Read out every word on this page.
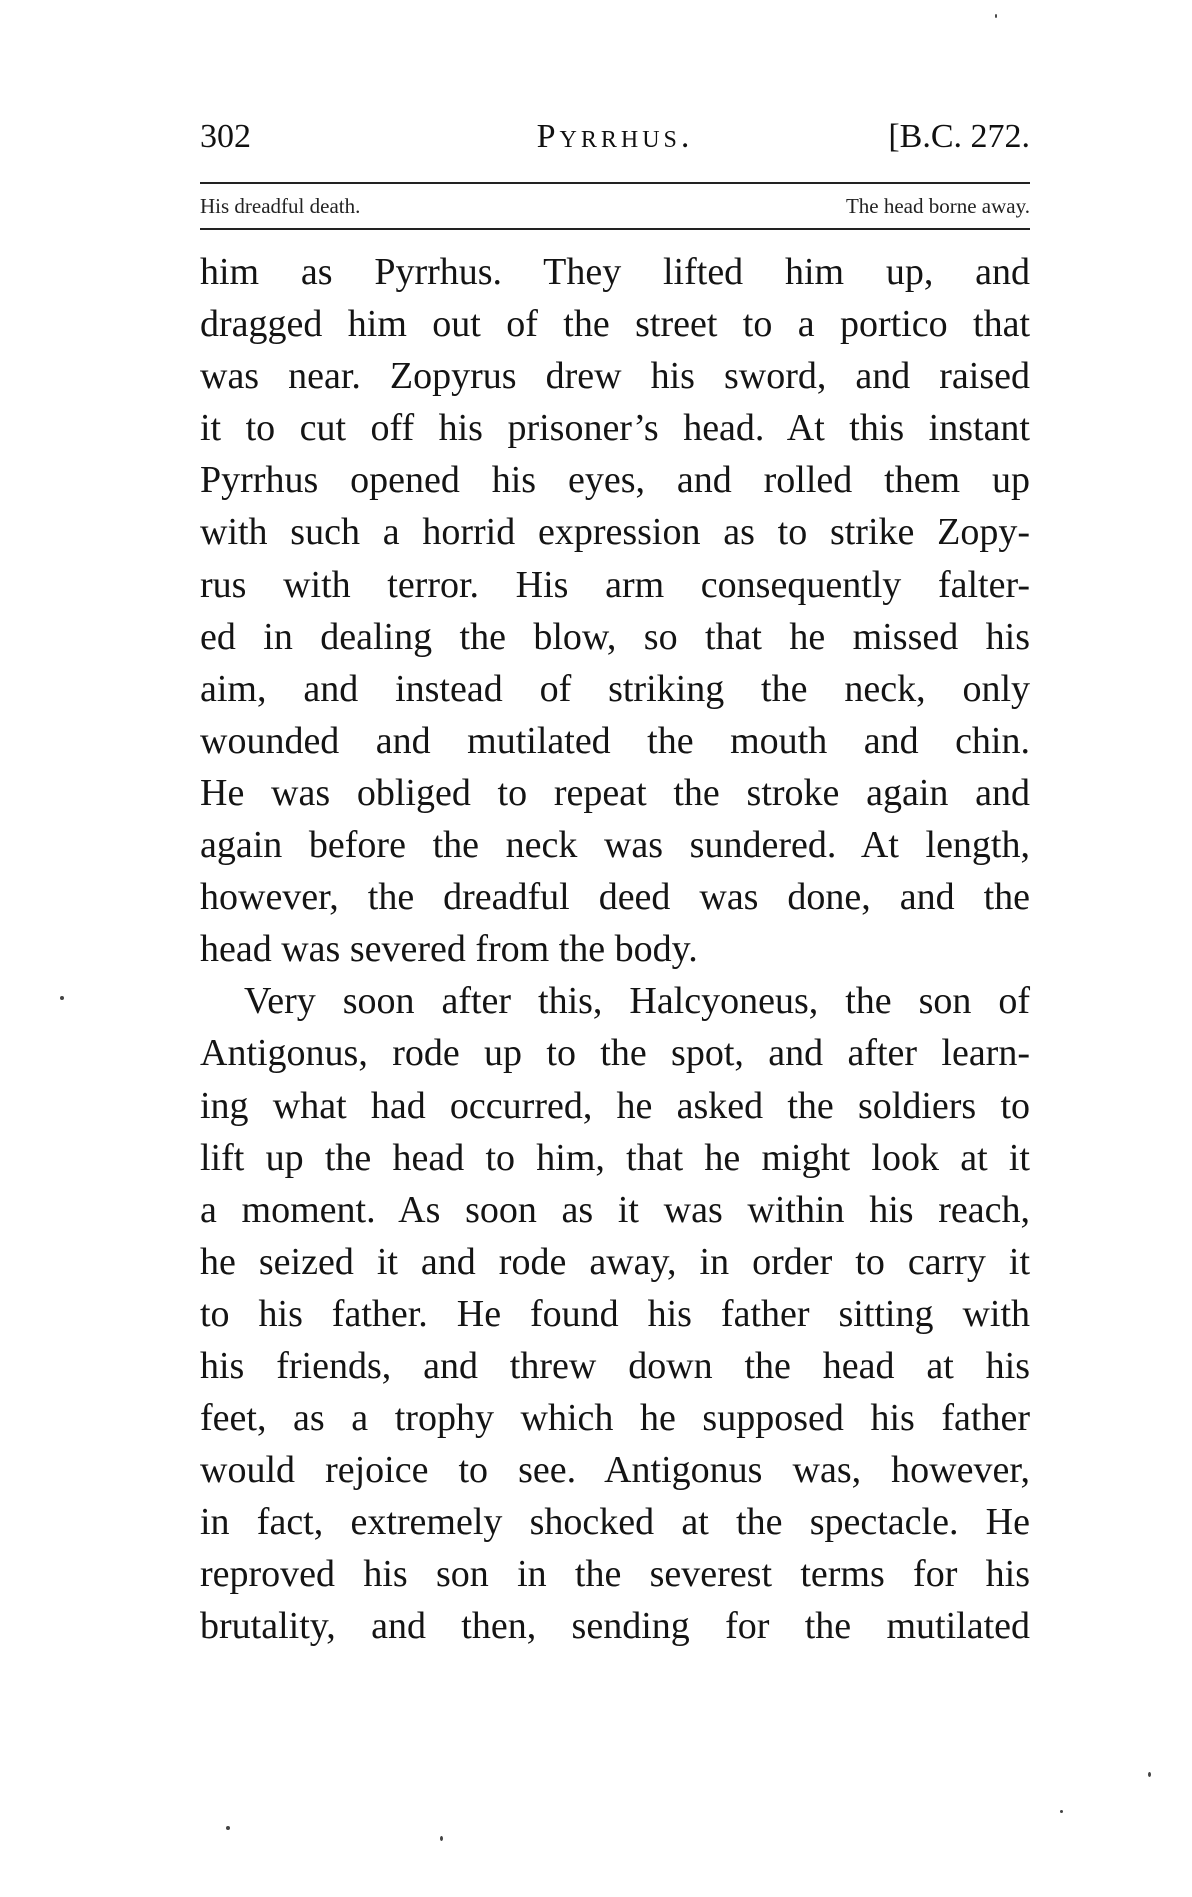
302	Pyrrhus.	[B.C. 272.
His dreadful death.	The head borne away.
him as Pyrrhus. They lifted him up, and
dragged him out of the street to a portico that
was near. Zopyrus drew his sword, and raised
it to cut off his prisoner’s head. At this instant
Pyrrhus opened his eyes, and rolled them up
with such a horrid expression as to strike Zopy-
rus with terror. His arm consequently falter-
ed in dealing the blow, so that he missed his
aim, and instead of striking the neck, only
wounded and mutilated the mouth and chin.
He was obliged to repeat the stroke again and
again before the neck was sundered. At length,
however, the dreadful deed was done, and the
head was severed from the body.
Very soon after this, Halcyoneus, the son of
Antigonus, rode up to the spot, and after learn-
ing what had occurred, he asked the soldiers to
lift up the head to him, that he might look at it
a moment. As soon as it was within his reach,
he seized it and rode away, in order to carry it
to his father. He found his father sitting with
his friends, and threw down the head at his
feet, as a trophy which he supposed his father
would rejoice to see. Antigonus was, however,
in fact, extremely shocked at the spectacle. He
reproved his son in the severest terms for his
brutality, and then, sending for the mutilated
